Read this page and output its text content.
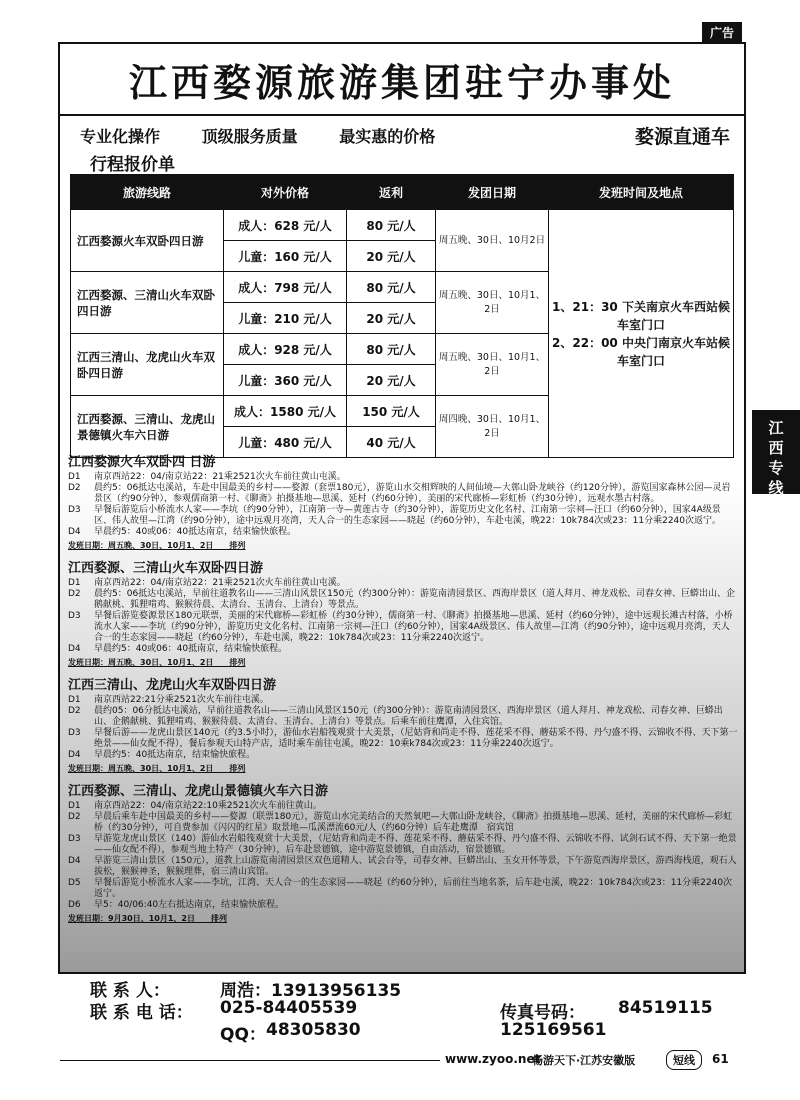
广告
江西婺源旅游集团驻宁办事处
专业化操作	顶级服务质量	最实惠的价格	婺源直通车
行程报价单
旅游线路	对外价格	返利	发团日期	发班时间及地点
江西婺源火车双卧四日游	成人：628 元/人	80 元/人	周五晚、30日、10月2日	1、21：30 下关南京火车西站候车室门口
2、22：00 中央门南京火车站候车室门口

	儿童：160 元/人	20 元/人		
江西婺源、三清山火车双卧四日游	成人：798 元/人	80 元/人	周五晚、30日、10月1、2日	
	儿童：210 元/人	20 元/人		
江西三清山、龙虎山火车双卧四日游	成人：928 元/人	80 元/人	周五晚、30日、10月1、2日	
	儿童：360 元/人	20 元/人		
江西婺源、三清山、龙虎山景德镇火车六日游	成人：1580 元/人	150 元/人	周四晚、30日、10月1、2日	
	儿童：480 元/人	40 元/人		
江西婺源火车双卧四 日游
D1	南京西站22：04/南京站22：21乘2521次火车前往黄山屯溪。
D2	晨约5：06抵达屯溪站，车赴中国最美的乡村——婺源（套票180元），游览山水交相辉映的人间仙境—大鄣山卧龙峡谷（约120分钟），游览国家森林公园—灵岩景区（约90分钟），参观儒商第一村、《聊斋》拍摄基地—思溪、延村（约60分钟），美丽的宋代廊桥—彩虹桥（约30分钟），远观水墨古村落。
D3	早餐后游览后小桥流水人家——李坑（约90分钟），江南第一寺—黄莲古寺（约30分钟），游览历史文化名村、江南第一宗祠—汪口（约60分钟），国家4A级景区、伟人故里—江湾（约90分钟），途中远观月亮湾，天人合一的生态家园——晓起（约60分钟），车赴屯溪，晚22：10k784次或23：11分乘2240次返宁。
D4	早晨约5：40或06：40抵达南京，结束愉快旅程。
发班日期：周五晚、30日、10月1、2日　　排列
江西婺源、三清山火车双卧四日游
D1	南京西站22：04/南京站22：21乘2521次火车前往黄山屯溪。
D2	晨约5：06抵达屯溪站，早前往道教名山——三清山风景区150元（约300分钟）：游览南清园景区、西海岸景区（道人拜月、神龙戏松、司春女神、巨蟒出山、企鹅献桃、狐狸啃鸡、猴猴待晨、太清台、玉清台、上清台）等景点。
D3	早餐后游览婺源景区180元联票，美丽的宋代廊桥—彩虹桥（约30分钟），儒商第一村、《聊斋》拍摄基地—思溪、延村（约60分钟），途中远观长滩古村落，小桥流水人家——李坑（约90分钟），游览历史文化名村、江南第一宗祠—汪口（约60分钟），国家4A级景区、伟人故里—江湾（约90分钟），途中远观月亮湾，天人合一的生态家园——晓起（约60分钟），车赴屯溪，晚22：10k784次或23：11分乘2240次返宁。
D4	早晨约5：40或06：40抵南京，结束愉快旅程。
发班日期：周五晚、30日、10月1、2日　　排列
江西三清山、龙虎山火车双卧四日游
D1	南京西站22:21分乘2521次火车前往屯溪。
D2	晨约05：06分抵达屯溪站，早前往道教名山——三清山风景区150元（约300分钟）：游览南清园景区、西海岸景区（道人拜月、神龙戏松、司春女神、巨蟒出山、企鹅献桃、狐狸啃鸡、猴猴待晨、太清台、玉清台、上清台）等景点。后乘车前往鹰潭，入住宾馆。
D3	早餐后游——龙虎山景区140元（约3.5小时），游仙水岩船筏观赏十大美景，（尼姑背和尚走不得、莲花采不得、蘑菇采不得、丹勺盛不得、云锦收不得、天下第一绝景——仙女配不得），餐后参观天山特产店，适时乘车前往屯溪，晚22：10乘k784次或23：11分乘2240次返宁。
D4	早晨约5：40抵达南京，结束愉快旅程。
发班日期：周五晚、30日、10月1、2日　　排列
江西婺源、三清山、龙虎山景德镇火车六日游
D1	南京西站22：04/南京站22:10乘2521次火车前往黄山。
D2	早晨后乘车赴中国最美的乡村——婺源（联票180元），游览山水完美结合的天然氧吧—大鄣山卧龙峡谷，《聊斋》拍摄基地—思溪、延村，美丽的宋代廊桥—彩虹桥（约30分钟），可自费参加《闪闪的红星》取景地—瓜溪漂流60元/人（约60分钟）后车赴鹰潭　宿宾馆
D3	早游览龙虎山景区（140）游仙水岩船筏观赏十大美景，（尼姑背和尚走不得、莲花采不得、蘑菇采不得、丹勺盛不得、云锦收不得、试剑石试不得、天下第一绝景——仙女配不得），参观当地土特产（30分钟），后车赴景德镇，途中游览景德镇，自由活动，宿景德镇。
D4	早游览三清山景区（150元），道教上山游览南清园景区双色道精人、试会台等，司春女神、巨蟒出山、玉女开怀等景，下午游览西海岸景区，游西海栈道，观石人拔松，猴猴神圣，猴猴理葬，宿三清山宾馆。
D5	早餐后游览小桥流水人家——李坑，江湾、天人合一的生态家园——晓起（约60分钟），后前往当地名茶，后车赴屯溪，晚22：10k784次或23：11分乘2240次返宁。
D6	早5：40/06:40左右抵达南京，结束愉快旅程。
发班日期：9月30日、10月1、2日　　排列
江西专线
联 系 人：	周浩：13913956135
联 系 电 话： 025-84405539	传真号码： 84519115
QQ： 48305830	125169561
www.zyoo.net
畅游天下·江苏安徽版	短线	61
